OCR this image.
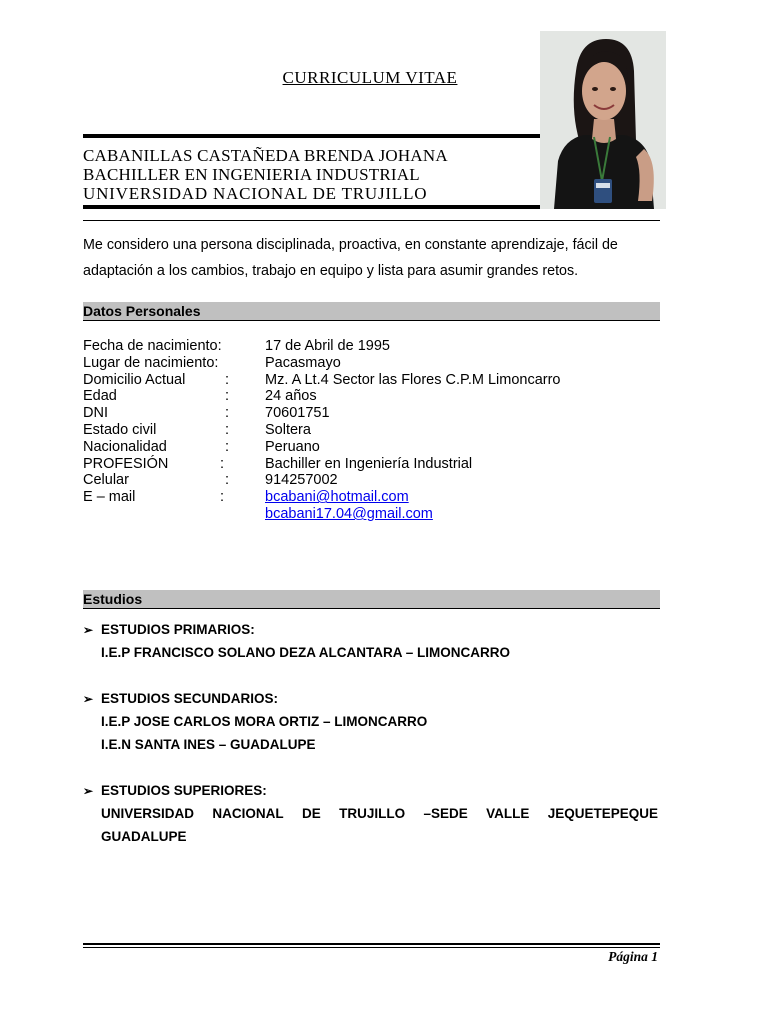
CURRICULUM VITAE
CABANILLAS CASTAÑEDA BRENDA JOHANA
BACHILLER EN INGENIERIA INDUSTRIAL
UNIVERSIDAD NACIONAL DE TRUJILLO
Me considero una persona disciplinada, proactiva, en constante aprendizaje, fácil de adaptación a los cambios, trabajo en equipo y lista para asumir grandes retos.
Datos Personales
Fecha de nacimiento:	17 de Abril de 1995
Lugar de nacimiento:	Pacasmayo
Domicilio Actual	: Mz. A Lt.4 Sector las Flores C.P.M Limoncarro
Edad	: 24 años
DNI	: 70601751
Estado civil	: Soltera
Nacionalidad	: Peruano
PROFESIÓN	:	Bachiller en Ingeniería Industrial
Celular	: 914257002
E – mail	:	bcabani@hotmail.com
bcabani17.04@gmail.com
Estudios
➢ ESTUDIOS PRIMARIOS:
I.E.P FRANCISCO SOLANO DEZA ALCANTARA – LIMONCARRO
➢ ESTUDIOS SECUNDARIOS:
I.E.P JOSE CARLOS MORA ORTIZ – LIMONCARRO
I.E.N SANTA INES – GUADALUPE
➢ ESTUDIOS SUPERIORES:
UNIVERSIDAD NACIONAL DE TRUJILLO –SEDE VALLE JEQUETEPEQUE
GUADALUPE
Página 1
